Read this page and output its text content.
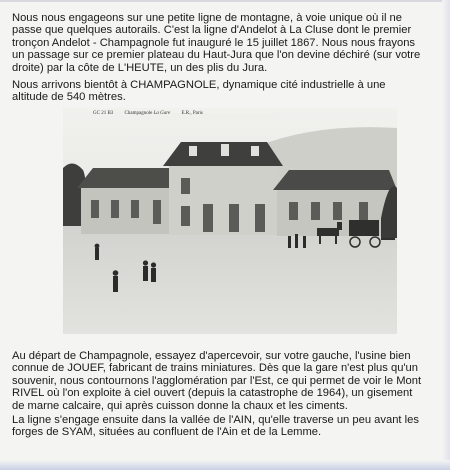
Nous nous engageons sur une petite ligne de montagne, à voie unique où il ne
passe que quelques autorails. C'est la ligne d'Andelot à La Cluse dont le premier
tronçon Andelot - Champagnole fut inauguré le 15 juillet 1867. Nous nous frayons
un passage sur ce premier plateau du Haut-Jura que l'on devine déchiré (sur votre
droite) par la côte de L'HEUTE, un des plis du Jura.
Nous arrivons bientôt à CHAMPAGNOLE, dynamique cité industrielle à une
altitude de 540 mètres.
GC 21 B3 Champagnole La Gare E.R., Paris
Au départ de Champagnole, essayez d'apercevoir, sur votre gauche, l'usine bien
connue de JOUEF, fabricant de trains miniatures. Dès que la gare n'est plus qu'un
souvenir, nous contournons l'agglomération par l'Est, ce qui permet de voir le Mont
RIVEL où l'on exploite à ciel ouvert (depuis la catastrophe de 1964), un gisement
de marne calcaire, qui après cuisson donne la chaux et les ciments.
La ligne s'engage ensuite dans la vallée de l'AIN, qu'elle traverse un peu avant les
forges de SYAM, situées au confluent de l'Ain et de la Lemme.
